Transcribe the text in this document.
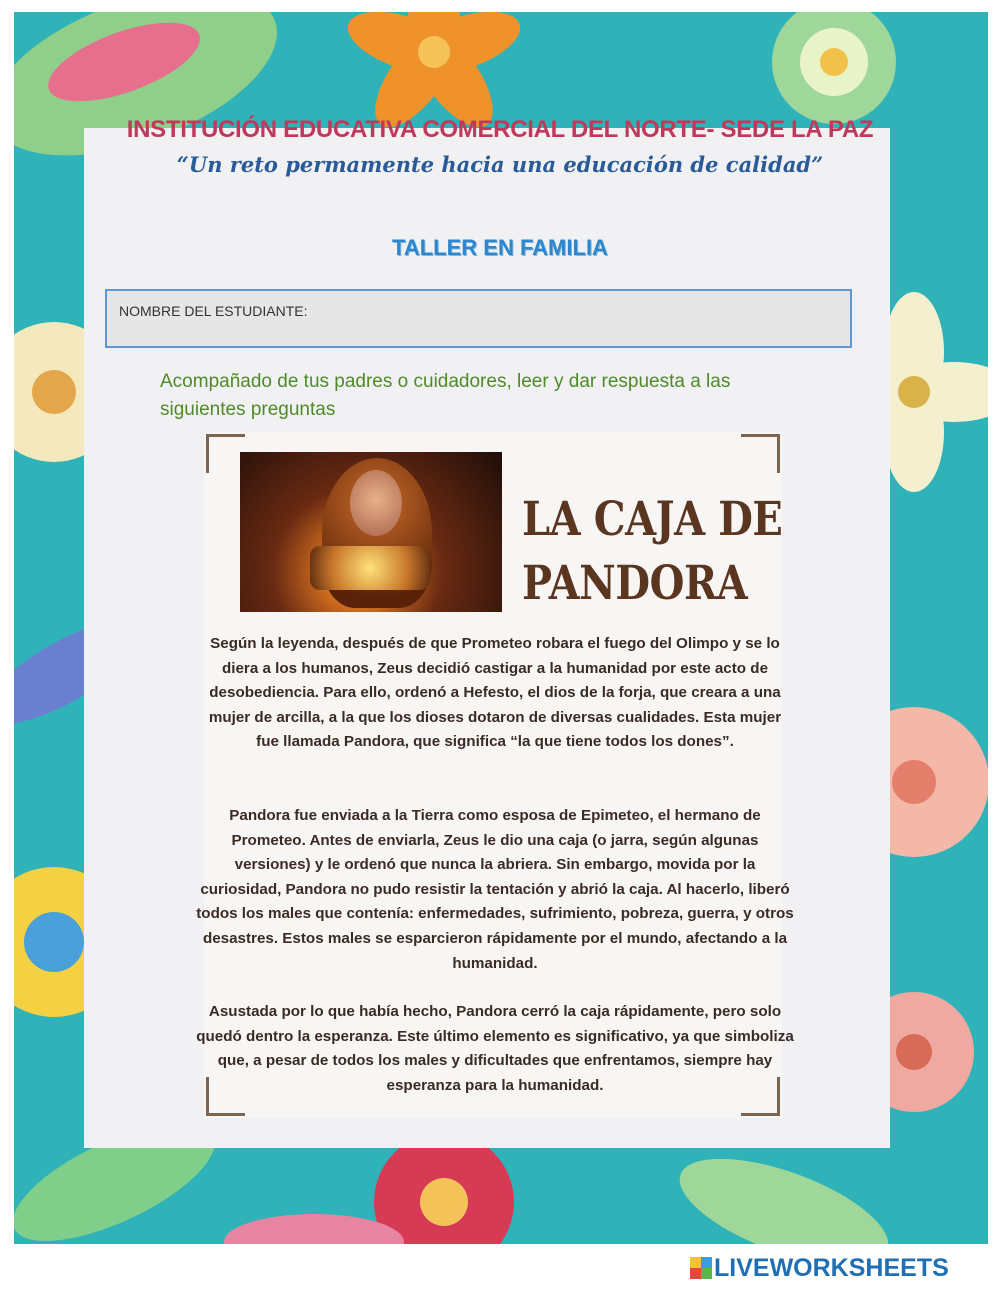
INSTITUCIÓN EDUCATIVA COMERCIAL DEL NORTE- SEDE LA PAZ
“Un reto permamente hacia una educación de calidad”
TALLER EN FAMILIA
NOMBRE DEL ESTUDIANTE:
Acompañado de tus padres o cuidadores, leer y dar respuesta a las siguientes preguntas
LA CAJA DE
PANDORA
Según la leyenda, después de que Prometeo robara el fuego del Olimpo y se lo diera a los humanos, Zeus decidió castigar a la humanidad por este acto de desobediencia. Para ello, ordenó a Hefesto, el dios de la forja, que creara a una mujer de arcilla, a la que los dioses dotaron de diversas cualidades. Esta mujer fue llamada Pandora, que significa “la que tiene todos los dones”.
Pandora fue enviada a la Tierra como esposa de Epimeteo, el hermano de Prometeo. Antes de enviarla, Zeus le dio una caja (o jarra, según algunas versiones) y le ordenó que nunca la abriera. Sin embargo, movida por la curiosidad, Pandora no pudo resistir la tentación y abrió la caja. Al hacerlo, liberó todos los males que contenía: enfermedades, sufrimiento, pobreza, guerra, y otros desastres. Estos males se esparcieron rápidamente por el mundo, afectando a la humanidad.
Asustada por lo que había hecho, Pandora cerró la caja rápidamente, pero solo quedó dentro la esperanza. Este último elemento es significativo, ya que simboliza que, a pesar de todos los males y dificultades que enfrentamos, siempre hay esperanza para la humanidad.
LIVEWORKSHEETS
